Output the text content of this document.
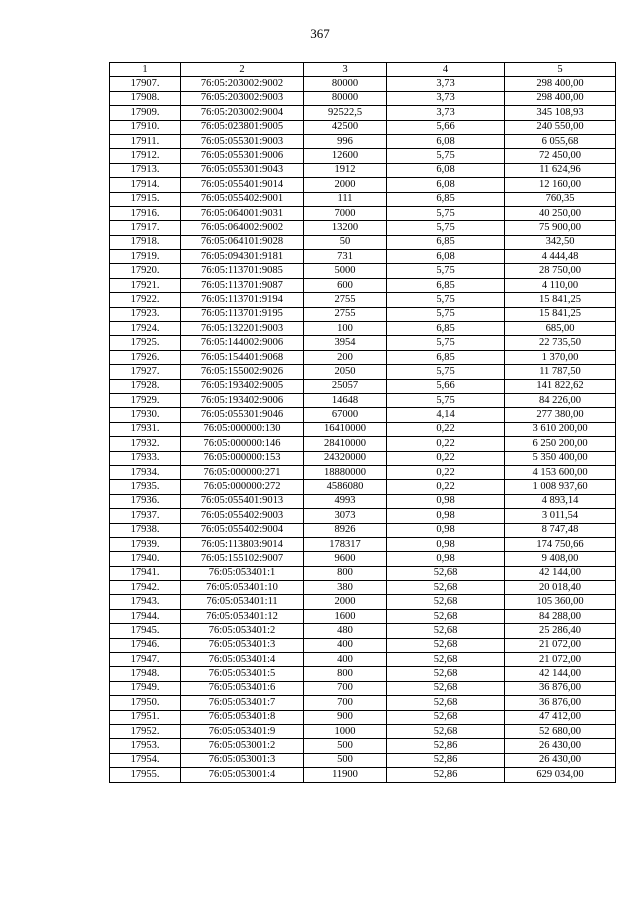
367
1	2	3	4	5
17907.	76:05:203002:9002	80000	3,73	298 400,00
17908.	76:05:203002:9003	80000	3,73	298 400,00
17909.	76:05:203002:9004	92522,5	3,73	345 108,93
17910.	76:05:023801:9005	42500	5,66	240 550,00
17911.	76:05:055301:9003	996	6,08	6 055,68
17912.	76:05:055301:9006	12600	5,75	72 450,00
17913.	76:05:055301:9043	1912	6,08	11 624,96
17914.	76:05:055401:9014	2000	6,08	12 160,00
17915.	76:05:055402:9001	111	6,85	760,35
17916.	76:05:064001:9031	7000	5,75	40 250,00
17917.	76:05:064002:9002	13200	5,75	75 900,00
17918.	76:05:064101:9028	50	6,85	342,50
17919.	76:05:094301:9181	731	6,08	4 444,48
17920.	76:05:113701:9085	5000	5,75	28 750,00
17921.	76:05:113701:9087	600	6,85	4 110,00
17922.	76:05:113701:9194	2755	5,75	15 841,25
17923.	76:05:113701:9195	2755	5,75	15 841,25
17924.	76:05:132201:9003	100	6,85	685,00
17925.	76:05:144002:9006	3954	5,75	22 735,50
17926.	76:05:154401:9068	200	6,85	1 370,00
17927.	76:05:155002:9026	2050	5,75	11 787,50
17928.	76:05:193402:9005	25057	5,66	141 822,62
17929.	76:05:193402:9006	14648	5,75	84 226,00
17930.	76:05:055301:9046	67000	4,14	277 380,00
17931.	76:05:000000:130	16410000	0,22	3 610 200,00
17932.	76:05:000000:146	28410000	0,22	6 250 200,00
17933.	76:05:000000:153	24320000	0,22	5 350 400,00
17934.	76:05:000000:271	18880000	0,22	4 153 600,00
17935.	76:05:000000:272	4586080	0,22	1 008 937,60
17936.	76:05:055401:9013	4993	0,98	4 893,14
17937.	76:05:055402:9003	3073	0,98	3 011,54
17938.	76:05:055402:9004	8926	0,98	8 747,48
17939.	76:05:113803:9014	178317	0,98	174 750,66
17940.	76:05:155102:9007	9600	0,98	9 408,00
17941.	76:05:053401:1	800	52,68	42 144,00
17942.	76:05:053401:10	380	52,68	20 018,40
17943.	76:05:053401:11	2000	52,68	105 360,00
17944.	76:05:053401:12	1600	52,68	84 288,00
17945.	76:05:053401:2	480	52,68	25 286,40
17946.	76:05:053401:3	400	52,68	21 072,00
17947.	76:05:053401:4	400	52,68	21 072,00
17948.	76:05:053401:5	800	52,68	42 144,00
17949.	76:05:053401:6	700	52,68	36 876,00
17950.	76:05:053401:7	700	52,68	36 876,00
17951.	76:05:053401:8	900	52,68	47 412,00
17952.	76:05:053401:9	1000	52,68	52 680,00
17953.	76:05:053001:2	500	52,86	26 430,00
17954.	76:05:053001:3	500	52,86	26 430,00
17955.	76:05:053001:4	11900	52,86	629 034,00
